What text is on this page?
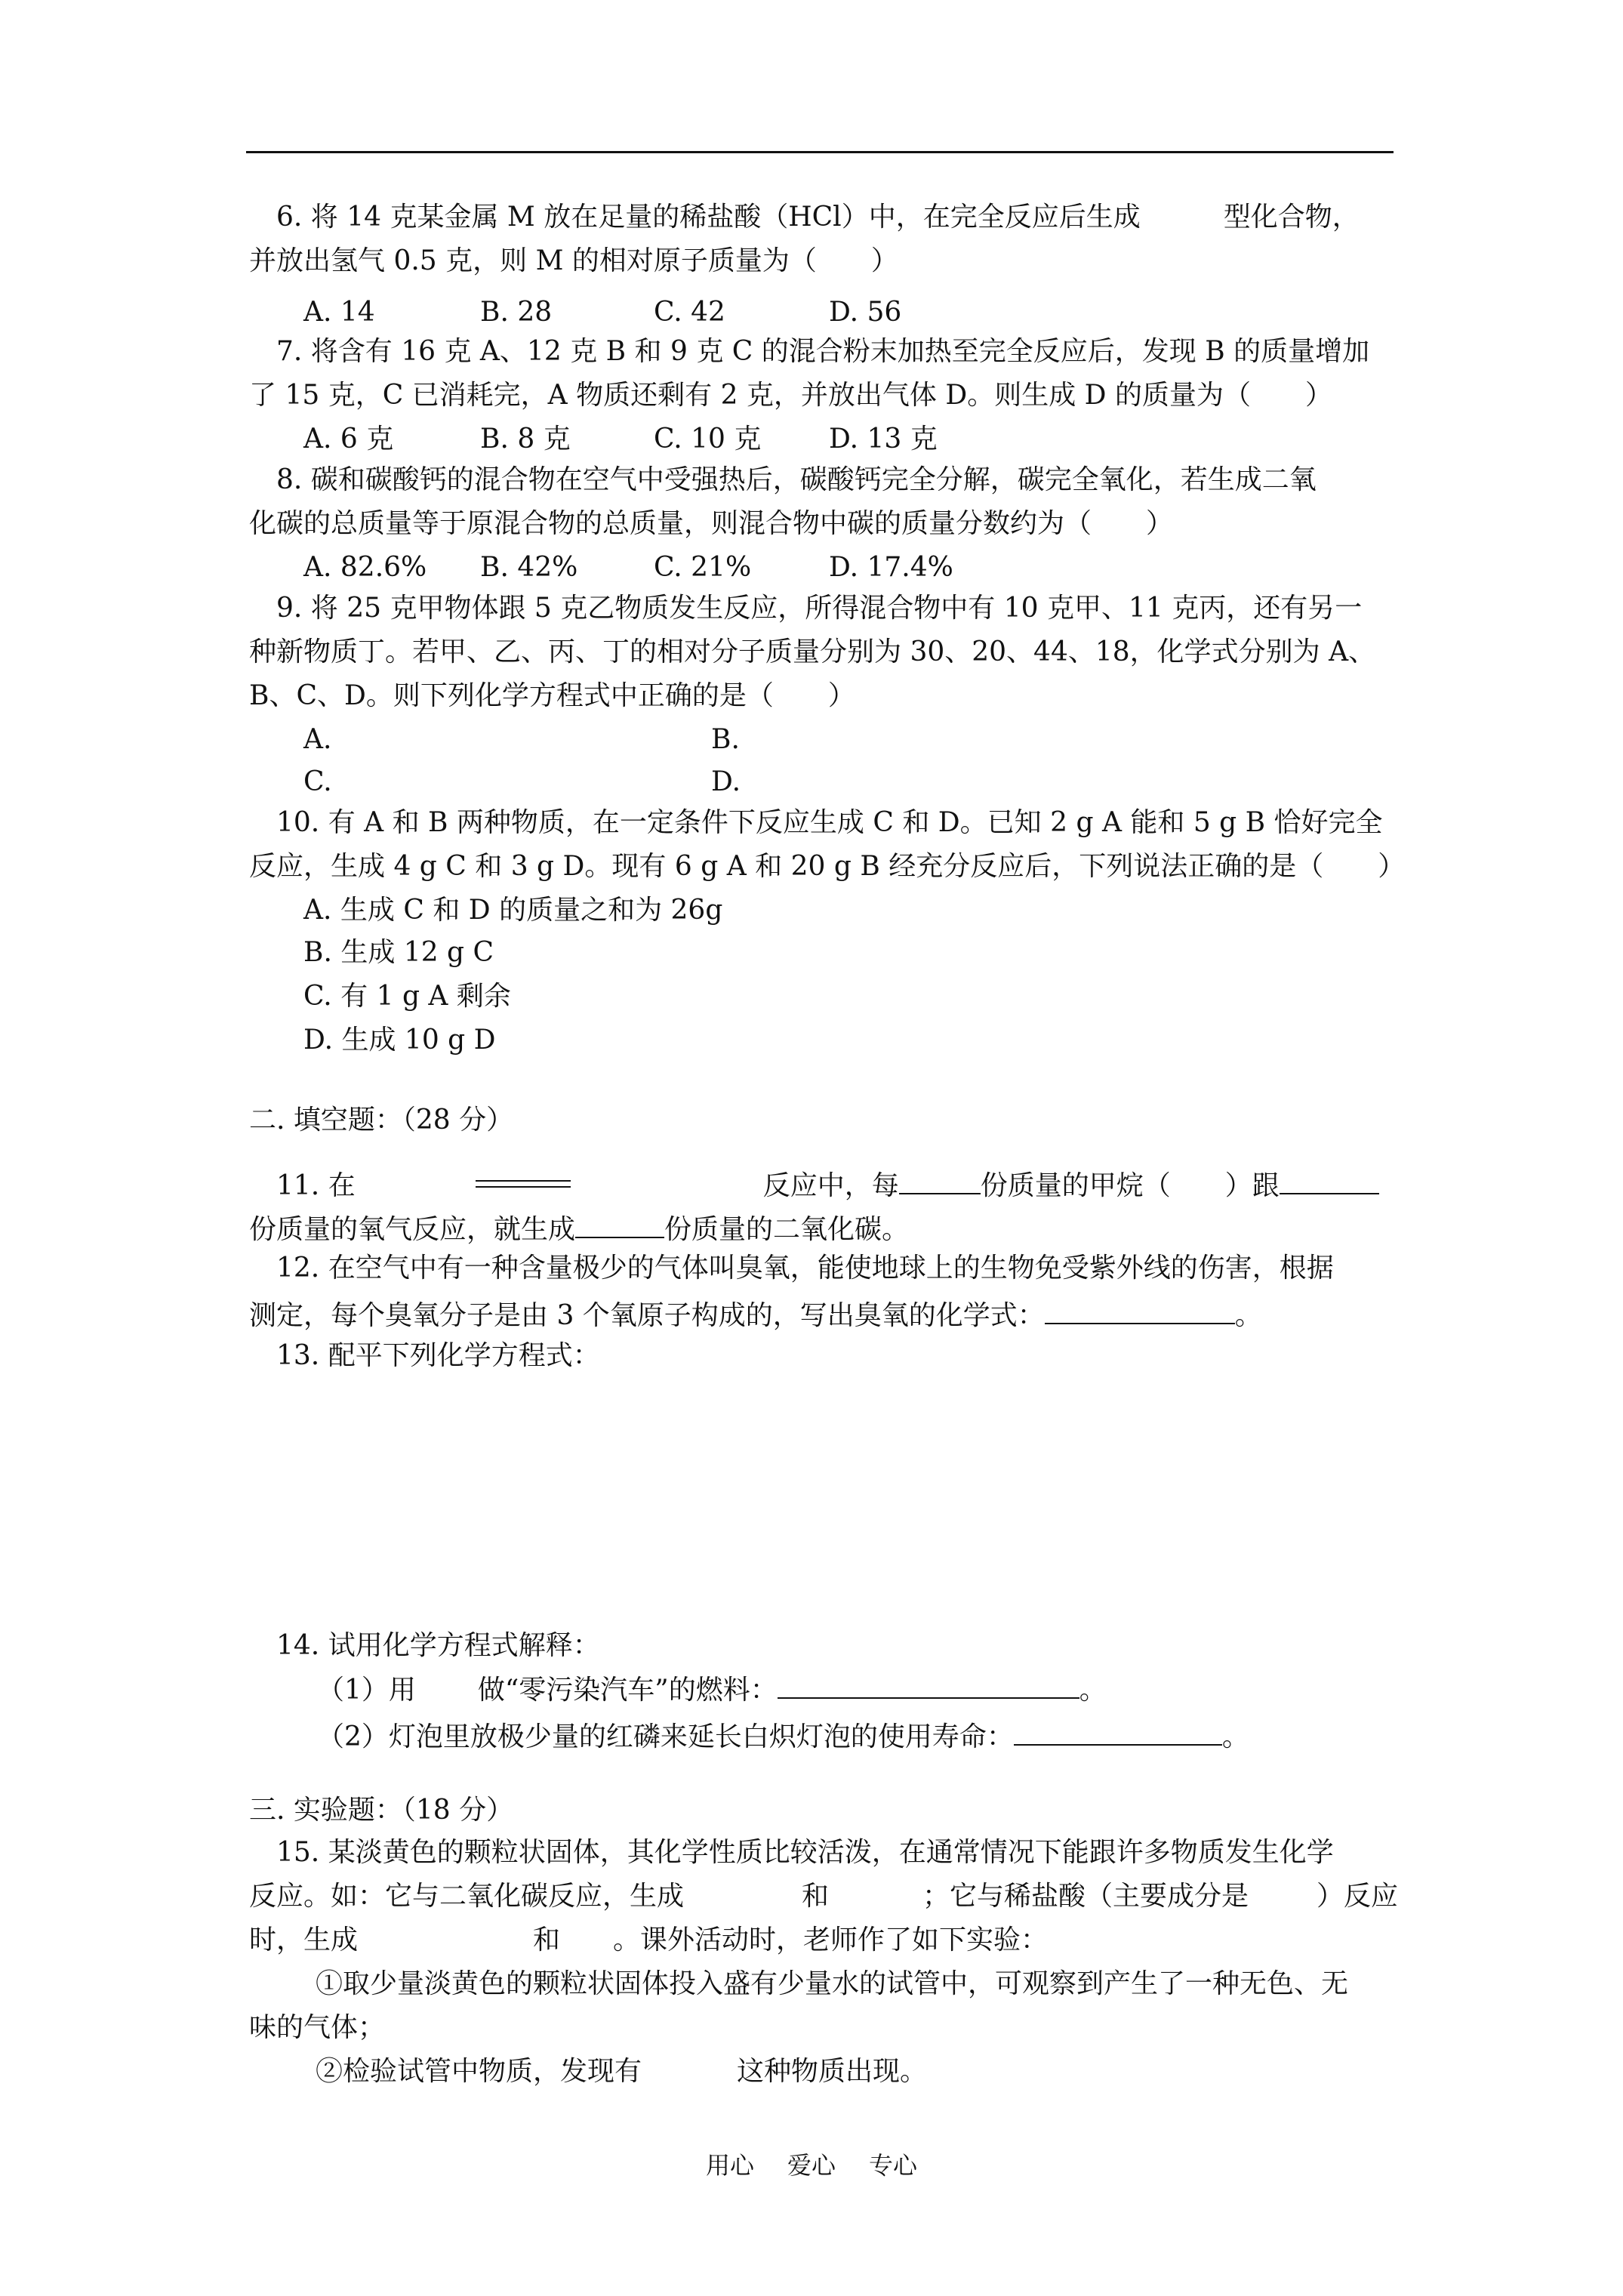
6. 将 14 克某金属 M 放在足量的稀盐酸（HCl）中，在完全反应后生成	型化合物，
并放出氢气 0.5 克，则 M 的相对原子质量为（　　）
A. 14	B. 28	C. 42	D. 56
7. 将含有 16 克 A、12 克 B 和 9 克 C 的混合粉末加热至完全反应后，发现 B 的质量增加
了 15 克，C 已消耗完，A 物质还剩有 2 克，并放出气体 D。则生成 D 的质量为（　　）
A. 6 克	B. 8 克	C. 10 克 D. 13 克
8. 碳和碳酸钙的混合物在空气中受强热后，碳酸钙完全分解，碳完全氧化，若生成二氧
化碳的总质量等于原混合物的总质量，则混合物中碳的质量分数约为（　　）
A. 82.6% B. 42%	C. 21%	D. 17.4%
9. 将 25 克甲物体跟 5 克乙物质发生反应，所得混合物中有 10 克甲、11 克丙，还有另一
种新物质丁。若甲、乙、丙、丁的相对分子质量分别为 30、20、44、18，化学式分别为 A、
B、C、D。则下列化学方程式中正确的是（　　）
A.	B.
C.	D.
10. 有 A 和 B 两种物质，在一定条件下反应生成 C 和 D。已知 2 g A 能和 5 g B 恰好完全
反应，生成 4 g C 和 3 g D。现有 6 g A 和 20 g B 经充分反应后，下列说法正确的是（　　）
A. 生成 C 和 D 的质量之和为 26g
B. 生成 12 g C
C. 有 1 g A 剩余
D. 生成 10 g D
二. 填空题：（28 分）
11. 在	反应中，每	份质量的甲烷（　　）跟
份质量的氧气反应，就生成	份质量的二氧化碳。
12. 在空气中有一种含量极少的气体叫臭氧，能使地球上的生物免受紫外线的伤害，根据
测定，每个臭氧分子是由 3 个氧原子构成的，写出臭氧的化学式：	。
13. 配平下列化学方程式：
14. 试用化学方程式解释：
（1）用 做“零污染汽车”的燃料：	。
（2）灯泡里放极少量的红磷来延长白炽灯泡的使用寿命：	。
三. 实验题：（18 分）
15. 某淡黄色的颗粒状固体，其化学性质比较活泼，在通常情况下能跟许多物质发生化学
反应。如：它与二氧化碳反应，生成	和	；它与稀盐酸（主要成分是	）反应
时，生成	和 。课外活动时，老师作了如下实验：
①取少量淡黄色的颗粒状固体投入盛有少量水的试管中，可观察到产生了一种无色、无
味的气体；
②检验试管中物质，发现有	这种物质出现。
用心 爱心 专心
